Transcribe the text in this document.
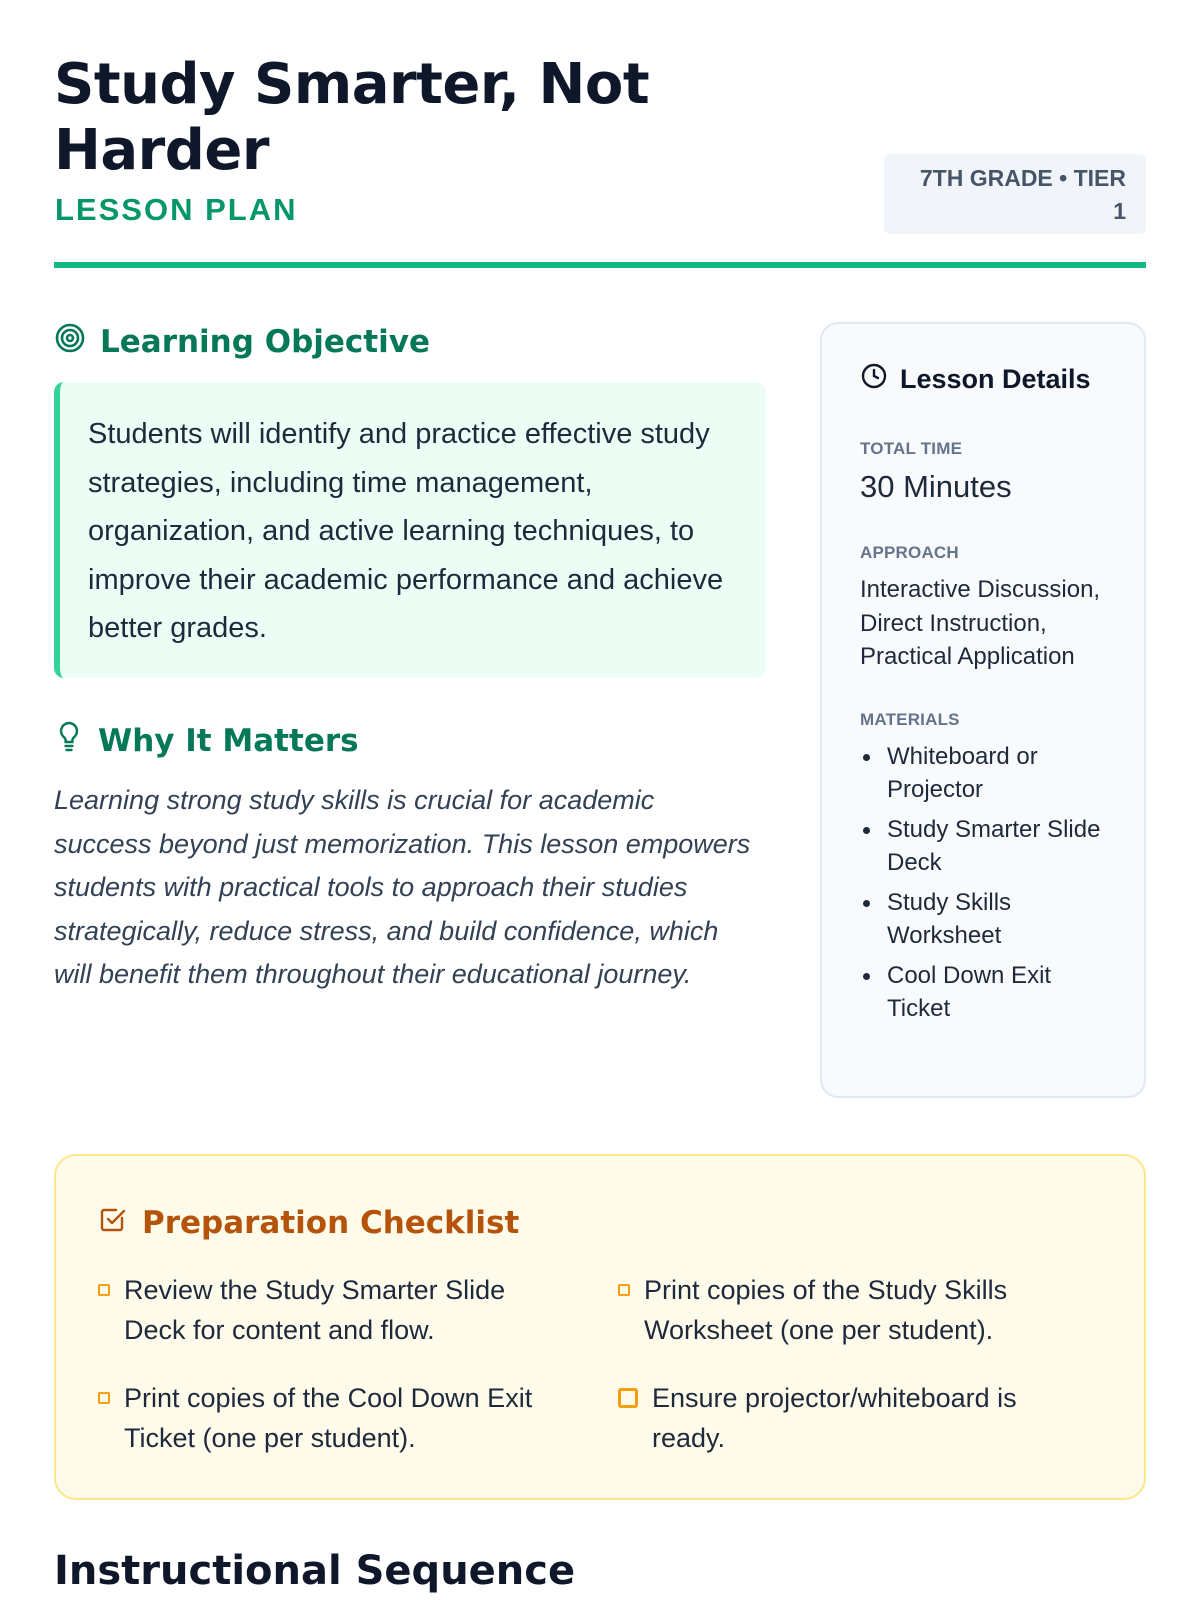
Study Smarter, Not Harder
LESSON PLAN
7TH GRADE • TIER 1
Learning Objective

Students will identify and practice effective study strategies, including time management, organization, and active learning techniques, to improve their academic performance and achieve better grades.

Why It Matters

Learning strong study skills is crucial for academic success beyond just memorization. This lesson empowers students with practical tools to approach their studies strategically, reduce stress, and build confidence, which will benefit them throughout their educational journey.

Lesson Details
TOTAL TIME
30 Minutes
APPROACH
Interactive Discussion, Direct Instruction, Practical Application
MATERIALS
Whiteboard or Projector
Study Smarter Slide Deck
Study Skills Worksheet
Cool Down Exit Ticket
Preparation Checklist
Review the Study Smarter Slide Deck for content and flow.
Print copies of the Study Skills Worksheet (one per student).
Print copies of the Cool Down Exit Ticket (one per student).
Ensure projector/whiteboard is ready.
Instructional Sequence
